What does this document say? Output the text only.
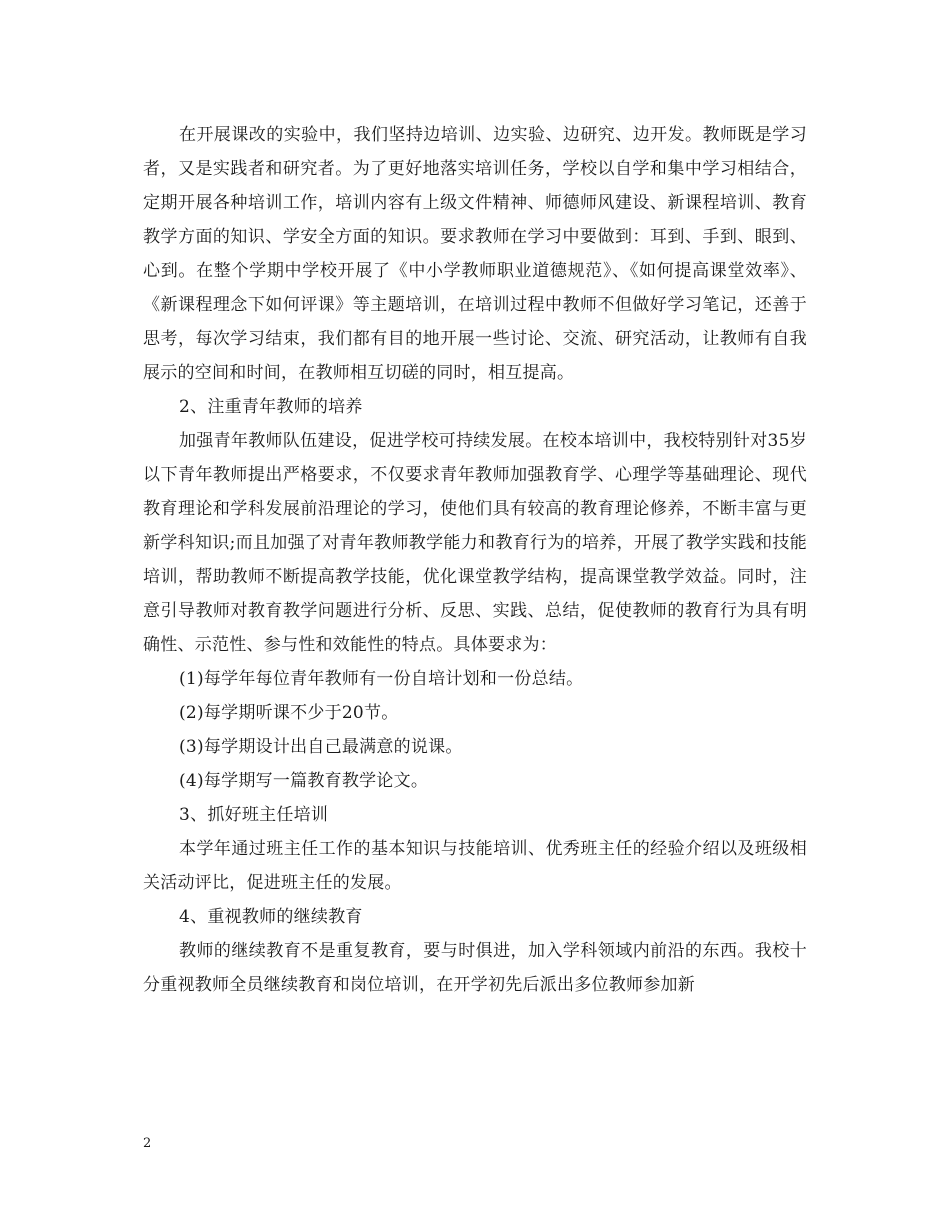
在开展课改的实验中，我们坚持边培训、边实验、边研究、边开发。教师既是学习者，又是实践者和研究者。为了更好地落实培训任务，学校以自学和集中学习相结合，定期开展各种培训工作，培训内容有上级文件精神、师德师风建设、新课程培训、教育教学方面的知识、学安全方面的知识。要求教师在学习中要做到：耳到、手到、眼到、心到。在整个学期中学校开展了《中小学教师职业道德规范》、《如何提高课堂效率》、《新课程理念下如何评课》等主题培训，在培训过程中教师不但做好学习笔记，还善于思考，每次学习结束，我们都有目的地开展一些讨论、交流、研究活动，让教师有自我展示的空间和时间，在教师相互切磋的同时，相互提高。

2、注重青年教师的培养

加强青年教师队伍建设，促进学校可持续发展。在校本培训中，我校特别针对35岁以下青年教师提出严格要求，不仅要求青年教师加强教育学、心理学等基础理论、现代教育理论和学科发展前沿理论的学习，使他们具有较高的教育理论修养，不断丰富与更新学科知识;而且加强了对青年教师教学能力和教育行为的培养，开展了教学实践和技能培训，帮助教师不断提高教学技能，优化课堂教学结构，提高课堂教学效益。同时，注意引导教师对教育教学问题进行分析、反思、实践、总结，促使教师的教育行为具有明确性、示范性、参与性和效能性的特点。具体要求为：

(1)每学年每位青年教师有一份自培计划和一份总结。

(2)每学期听课不少于20节。

(3)每学期设计出自己最满意的说课。

(4)每学期写一篇教育教学论文。

3、抓好班主任培训

本学年通过班主任工作的基本知识与技能培训、优秀班主任的经验介绍以及班级相关活动评比，促进班主任的发展。

4、重视教师的继续教育

教师的继续教育不是重复教育，要与时俱进，加入学科领域内前沿的东西。我校十分重视教师全员继续教育和岗位培训，在开学初先后派出多位教师参加新

2
